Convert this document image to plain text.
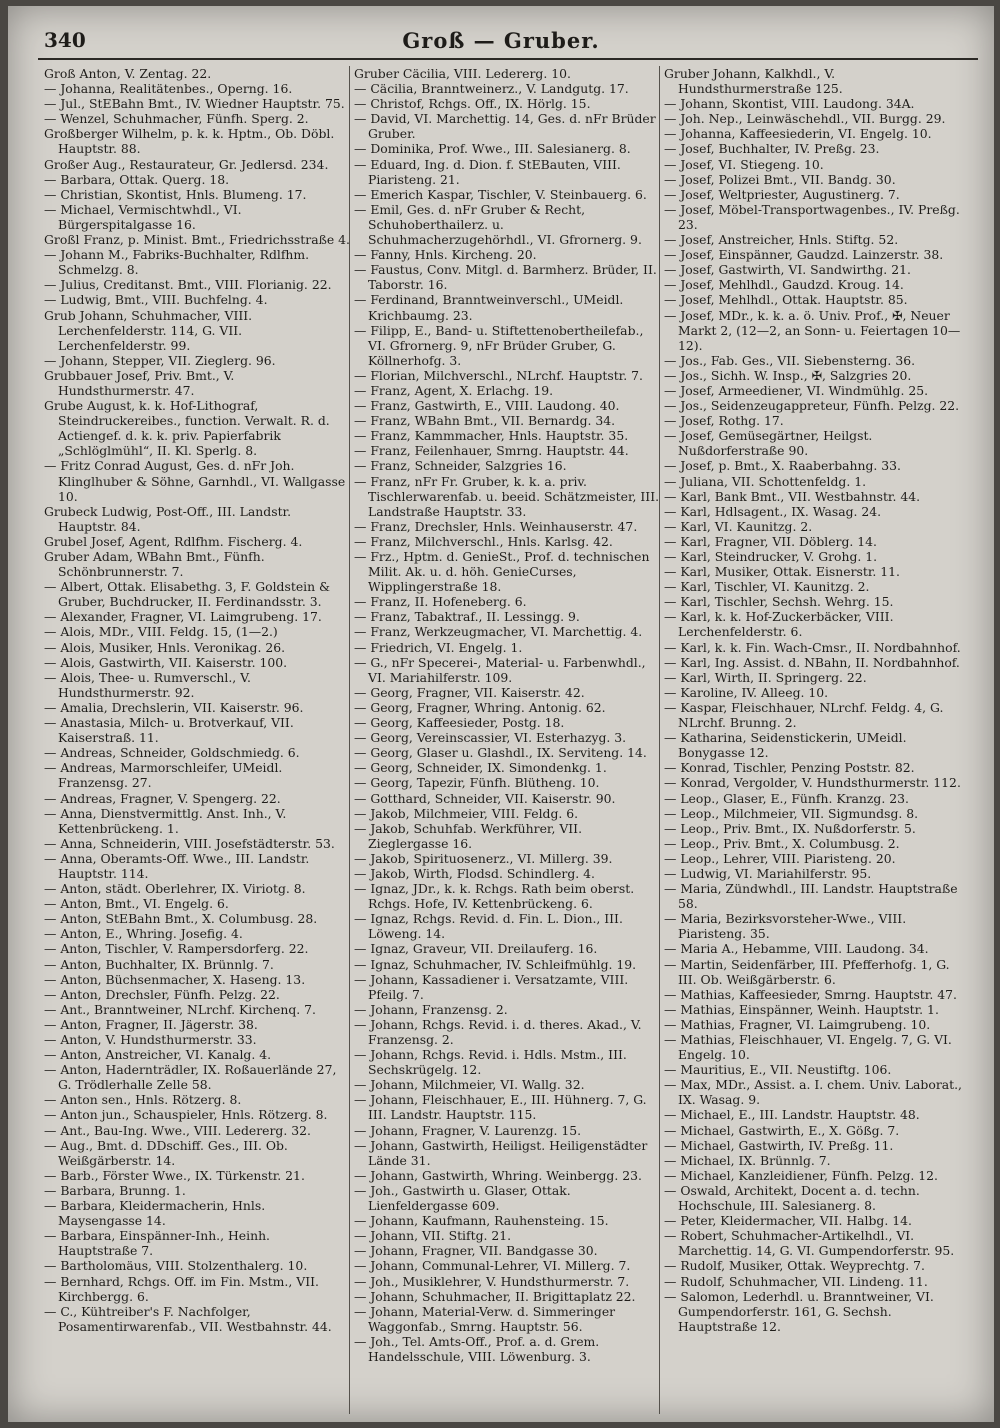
340	Groß — Gruber.

Groß Anton, V. Zentag. 22.

— Johanna, Realitätenbes., Operng. 16.

— Jul., StEBahn Bmt., IV. Wiedner Hauptstr. 75.

— Wenzel, Schuhmacher, Fünfh. Sperg. 2.

Großberger Wilhelm, p. k. k. Hptm., Ob. Döbl. Hauptstr. 88.

Großer Aug., Restaurateur, Gr. Jedlersd. 234.

— Barbara, Ottak. Querg. 18.

— Christian, Skontist, Hnls. Blumeng. 17.

— Michael, Vermischtwhdl., VI. Bürgerspitalgasse 16.

Großl Franz, p. Minist. Bmt., Friedrichsstraße 4.

— Johann M., Fabriks-Buchhalter, Rdlfhm. Schmelzg. 8.

— Julius, Creditanst. Bmt., VIII. Florianig. 22.

— Ludwig, Bmt., VIII. Buchfelng. 4.

Grub Johann, Schuhmacher, VIII. Lerchenfelderstr. 114, G. VII. Lerchenfelderstr. 99.

— Johann, Stepper, VII. Zieglerg. 96.

Grubbauer Josef, Priv. Bmt., V. Hundsthurmerstr. 47.

Grube August, k. k. Hof-Lithograf, Steindruckereibes., function. Verwalt. R. d. Actiengef. d. k. k. priv. Papierfabrik „Schlöglmühl“, II. Kl. Sperlg. 8.

— Fritz Conrad August, Ges. d. nFr Joh. Klinglhuber & Söhne, Garnhdl., VI. Wallgasse 10.

Grubeck Ludwig, Post-Off., III. Landstr. Hauptstr. 84.

Grubel Josef, Agent, Rdlfhm. Fischerg. 4.

Gruber Adam, WBahn Bmt., Fünfh. Schönbrunnerstr. 7.

— Albert, Ottak. Elisabethg. 3, F. Goldstein & Gruber, Buchdrucker, II. Ferdinandsstr. 3.

— Alexander, Fragner, VI. Laimgrubeng. 17.

— Alois, MDr., VIII. Feldg. 15, (1—2.)

— Alois, Musiker, Hnls. Veronikag. 26.

— Alois, Gastwirth, VII. Kaiserstr. 100.

— Alois, Thee- u. Rumverschl., V. Hundsthurmerstr. 92.

— Amalia, Drechslerin, VII. Kaiserstr. 96.

— Anastasia, Milch- u. Brotverkauf, VII. Kaiserstraß. 11.

— Andreas, Schneider, Goldschmiedg. 6.

— Andreas, Marmorschleifer, UMeidl. Franzensg. 27.

— Andreas, Fragner, V. Spengerg. 22.

— Anna, Dienstvermittlg. Anst. Inh., V. Kettenbrückeng. 1.

— Anna, Schneiderin, VIII. Josefstädterstr. 53.

— Anna, Oberamts-Off. Wwe., III. Landstr. Hauptstr. 114.

— Anton, städt. Oberlehrer, IX. Viriotg. 8.

— Anton, Bmt., VI. Engelg. 6.

— Anton, StEBahn Bmt., X. Columbusg. 28.

— Anton, E., Whring. Josefig. 4.

— Anton, Tischler, V. Rampersdorferg. 22.

— Anton, Buchhalter, IX. Brünnlg. 7.

— Anton, Büchsenmacher, X. Haseng. 13.

— Anton, Drechsler, Fünfh. Pelzg. 22.

— Ant., Branntweiner, NLrchf. Kirchenq. 7.

— Anton, Fragner, II. Jägerstr. 38.

— Anton, V. Hundsthurmerstr. 33.

— Anton, Anstreicher, VI. Kanalg. 4.

— Anton, Hadernträdler, IX. Roßauerlände 27, G. Trödlerhalle Zelle 58.

— Anton sen., Hnls. Rötzerg. 8.

— Anton jun., Schauspieler, Hnls. Rötzerg. 8.

— Ant., Bau-Ing. Wwe., VIII. Ledererg. 32.

— Aug., Bmt. d. DDschiff. Ges., III. Ob. Weißgärberstr. 14.

— Barb., Förster Wwe., IX. Türkenstr. 21.

— Barbara, Brunng. 1.

— Barbara, Kleidermacherin, Hnls. Maysengasse 14.

— Barbara, Einspänner-Inh., Heinh. Hauptstraße 7.

— Bartholomäus, VIII. Stolzenthalerg. 10.

— Bernhard, Rchgs. Off. im Fin. Mstm., VII. Kirchbergg. 6.

— C., Kühtreiber's F. Nachfolger, Posamentirwarenfab., VII. Westbahnstr. 44.

Gruber Cäcilia, VIII. Ledererg. 10.

— Cäcilia, Branntweinerz., V. Landgutg. 17.

— Christof, Rchgs. Off., IX. Hörlg. 15.

— David, VI. Marchettig. 14, Ges. d. nFr Brüder Gruber.

— Dominika, Prof. Wwe., III. Salesianerg. 8.

— Eduard, Ing. d. Dion. f. StEBauten, VIII. Piaristeng. 21.

— Emerich Kaspar, Tischler, V. Steinbauerg. 6.

— Emil, Ges. d. nFr Gruber & Recht, Schuhoberthailerz. u. Schuhmacherzugehörhdl., VI. Gfrornerg. 9.

— Fanny, Hnls. Kircheng. 20.

— Faustus, Conv. Mitgl. d. Barmherz. Brüder, II. Taborstr. 16.

— Ferdinand, Branntweinverschl., UMeidl. Krichbaumg. 23.

— Filipp, E., Band- u. Stiftettenobertheilefab., VI. Gfrornerg. 9, nFr Brüder Gruber, G. Köllnerhofg. 3.

— Florian, Milchverschl., NLrchf. Hauptstr. 7.

— Franz, Agent, X. Erlachg. 19.

— Franz, Gastwirth, E., VIII. Laudong. 40.

— Franz, WBahn Bmt., VII. Bernardg. 34.

— Franz, Kammmacher, Hnls. Hauptstr. 35.

— Franz, Feilenhauer, Smrng. Hauptstr. 44.

— Franz, Schneider, Salzgries 16.

— Franz, nFr Fr. Gruber, k. k. a. priv. Tischlerwarenfab. u. beeid. Schätzmeister, III. Landstraße Hauptstr. 33.

— Franz, Drechsler, Hnls. Weinhauserstr. 47.

— Franz, Milchverschl., Hnls. Karlsg. 42.

— Frz., Hptm. d. GenieSt., Prof. d. technischen Milit. Ak. u. d. höh. GenieCurses, Wipplingerstraße 18.

— Franz, II. Hofeneberg. 6.

— Franz, Tabaktraf., II. Lessingg. 9.

— Franz, Werkzeugmacher, VI. Marchettig. 4.

— Friedrich, VI. Engelg. 1.

— G., nFr Specerei-, Material- u. Farbenwhdl., VI. Mariahilferstr. 109.

— Georg, Fragner, VII. Kaiserstr. 42.

— Georg, Fragner, Whring. Antonig. 62.

— Georg, Kaffeesieder, Postg. 18.

— Georg, Vereinscassier, VI. Esterhazyg. 3.

— Georg, Glaser u. Glashdl., IX. Serviteng. 14.

— Georg, Schneider, IX. Simondenkg. 1.

— Georg, Tapezir, Fünfh. Blütheng. 10.

— Gotthard, Schneider, VII. Kaiserstr. 90.

— Jakob, Milchmeier, VIII. Feldg. 6.

— Jakob, Schuhfab. Werkführer, VII. Zieglergasse 16.

— Jakob, Spirituosenerz., VI. Millerg. 39.

— Jakob, Wirth, Flodsd. Schindlerg. 4.

— Ignaz, JDr., k. k. Rchgs. Rath beim oberst. Rchgs. Hofe, IV. Kettenbrückeng. 6.

— Ignaz, Rchgs. Revid. d. Fin. L. Dion., III. Löweng. 14.

— Ignaz, Graveur, VII. Dreilauferg. 16.

— Ignaz, Schuhmacher, IV. Schleifmühlg. 19.

— Johann, Kassadiener i. Versatzamte, VIII. Pfeilg. 7.

— Johann, Franzensg. 2.

— Johann, Rchgs. Revid. i. d. theres. Akad., V. Franzensg. 2.

— Johann, Rchgs. Revid. i. Hdls. Mstm., III. Sechskrügelg. 12.

— Johann, Milchmeier, VI. Wallg. 32.

— Johann, Fleischhauer, E., III. Hühnerg. 7, G. III. Landstr. Hauptstr. 115.

— Johann, Fragner, V. Laurenzg. 15.

— Johann, Gastwirth, Heiligst. Heiligenstädter Lände 31.

— Johann, Gastwirth, Whring. Weinbergg. 23.

— Joh., Gastwirth u. Glaser, Ottak. Lienfeldergasse 609.

— Johann, Kaufmann, Rauhensteing. 15.

— Johann, VII. Stiftg. 21.

— Johann, Fragner, VII. Bandgasse 30.

— Johann, Communal-Lehrer, VI. Millerg. 7.

— Joh., Musiklehrer, V. Hundsthurmerstr. 7.

— Johann, Schuhmacher, II. Brigittaplatz 22.

— Johann, Material-Verw. d. Simmeringer Waggonfab., Smrng. Hauptstr. 56.

— Joh., Tel. Amts-Off., Prof. a. d. Grem. Handelsschule, VIII. Löwenburg. 3.

Gruber Johann, Kalkhdl., V. Hundsthurmerstraße 125.

— Johann, Skontist, VIII. Laudong. 34A.

— Joh. Nep., Leinwäschehdl., VII. Burgg. 29.

— Johanna, Kaffeesiederin, VI. Engelg. 10.

— Josef, Buchhalter, IV. Preßg. 23.

— Josef, VI. Stiegeng. 10.

— Josef, Polizei Bmt., VII. Bandg. 30.

— Josef, Weltpriester, Augustinerg. 7.

— Josef, Möbel-Transportwagenbes., IV. Preßg. 23.

— Josef, Anstreicher, Hnls. Stiftg. 52.

— Josef, Einspänner, Gaudzd. Lainzerstr. 38.

— Josef, Gastwirth, VI. Sandwirthg. 21.

— Josef, Mehlhdl., Gaudzd. Kroug. 14.

— Josef, Mehlhdl., Ottak. Hauptstr. 85.

— Josef, MDr., k. k. a. ö. Univ. Prof., ✠, Neuer Markt 2, (12—2, an Sonn- u. Feiertagen 10—12).

— Jos., Fab. Ges., VII. Siebensterng. 36.

— Jos., Sichh. W. Insp., ✠, Salzgries 20.

— Josef, Armeediener, VI. Windmühlg. 25.

— Jos., Seidenzeugappreteur, Fünfh. Pelzg. 22.

— Josef, Rothg. 17.

— Josef, Gemüsegärtner, Heilgst. Nußdorferstraße 90.

— Josef, p. Bmt., X. Raaberbahng. 33.

— Juliana, VII. Schottenfeldg. 1.

— Karl, Bank Bmt., VII. Westbahnstr. 44.

— Karl, Hdlsagent., IX. Wasag. 24.

— Karl, VI. Kaunitzg. 2.

— Karl, Fragner, VII. Döblerg. 14.

— Karl, Steindrucker, V. Grohg. 1.

— Karl, Musiker, Ottak. Eisnerstr. 11.

— Karl, Tischler, VI. Kaunitzg. 2.

— Karl, Tischler, Sechsh. Wehrg. 15.

— Karl, k. k. Hof-Zuckerbäcker, VIII. Lerchenfelderstr. 6.

— Karl, k. k. Fin. Wach-Cmsr., II. Nordbahnhof.

— Karl, Ing. Assist. d. NBahn, II. Nordbahnhof.

— Karl, Wirth, II. Springerg. 22.

— Karoline, IV. Alleeg. 10.

— Kaspar, Fleischhauer, NLrchf. Feldg. 4, G. NLrchf. Brunng. 2.

— Katharina, Seidenstickerin, UMeidl. Bonygasse 12.

— Konrad, Tischler, Penzing Poststr. 82.

— Konrad, Vergolder, V. Hundsthurmerstr. 112.

— Leop., Glaser, E., Fünfh. Kranzg. 23.

— Leop., Milchmeier, VII. Sigmundsg. 8.

— Leop., Priv. Bmt., IX. Nußdorferstr. 5.

— Leop., Priv. Bmt., X. Columbusg. 2.

— Leop., Lehrer, VIII. Piaristeng. 20.

— Ludwig, VI. Mariahilferstr. 95.

— Maria, Zündwhdl., III. Landstr. Hauptstraße 58.

— Maria, Bezirksvorsteher-Wwe., VIII. Piaristeng. 35.

— Maria A., Hebamme, VIII. Laudong. 34.

— Martin, Seidenfärber, III. Pfefferhofg. 1, G. III. Ob. Weißgärberstr. 6.

— Mathias, Kaffeesieder, Smrng. Hauptstr. 47.

— Mathias, Einspänner, Weinh. Hauptstr. 1.

— Mathias, Fragner, VI. Laimgrubeng. 10.

— Mathias, Fleischhauer, VI. Engelg. 7, G. VI. Engelg. 10.

— Mauritius, E., VII. Neustiftg. 106.

— Max, MDr., Assist. a. I. chem. Univ. Laborat., IX. Wasag. 9.

— Michael, E., III. Landstr. Hauptstr. 48.

— Michael, Gastwirth, E., X. Gößg. 7.

— Michael, Gastwirth, IV. Preßg. 11.

— Michael, IX. Brünnlg. 7.

— Michael, Kanzleidiener, Fünfh. Pelzg. 12.

— Oswald, Architekt, Docent a. d. techn. Hochschule, III. Salesianerg. 8.

— Peter, Kleidermacher, VII. Halbg. 14.

— Robert, Schuhmacher-Artikelhdl., VI. Marchettig. 14, G. VI. Gumpendorferstr. 95.

— Rudolf, Musiker, Ottak. Weyprechtg. 7.

— Rudolf, Schuhmacher, VII. Lindeng. 11.

— Salomon, Lederhdl. u. Branntweiner, VI. Gumpendorferstr. 161, G. Sechsh. Hauptstraße 12.
